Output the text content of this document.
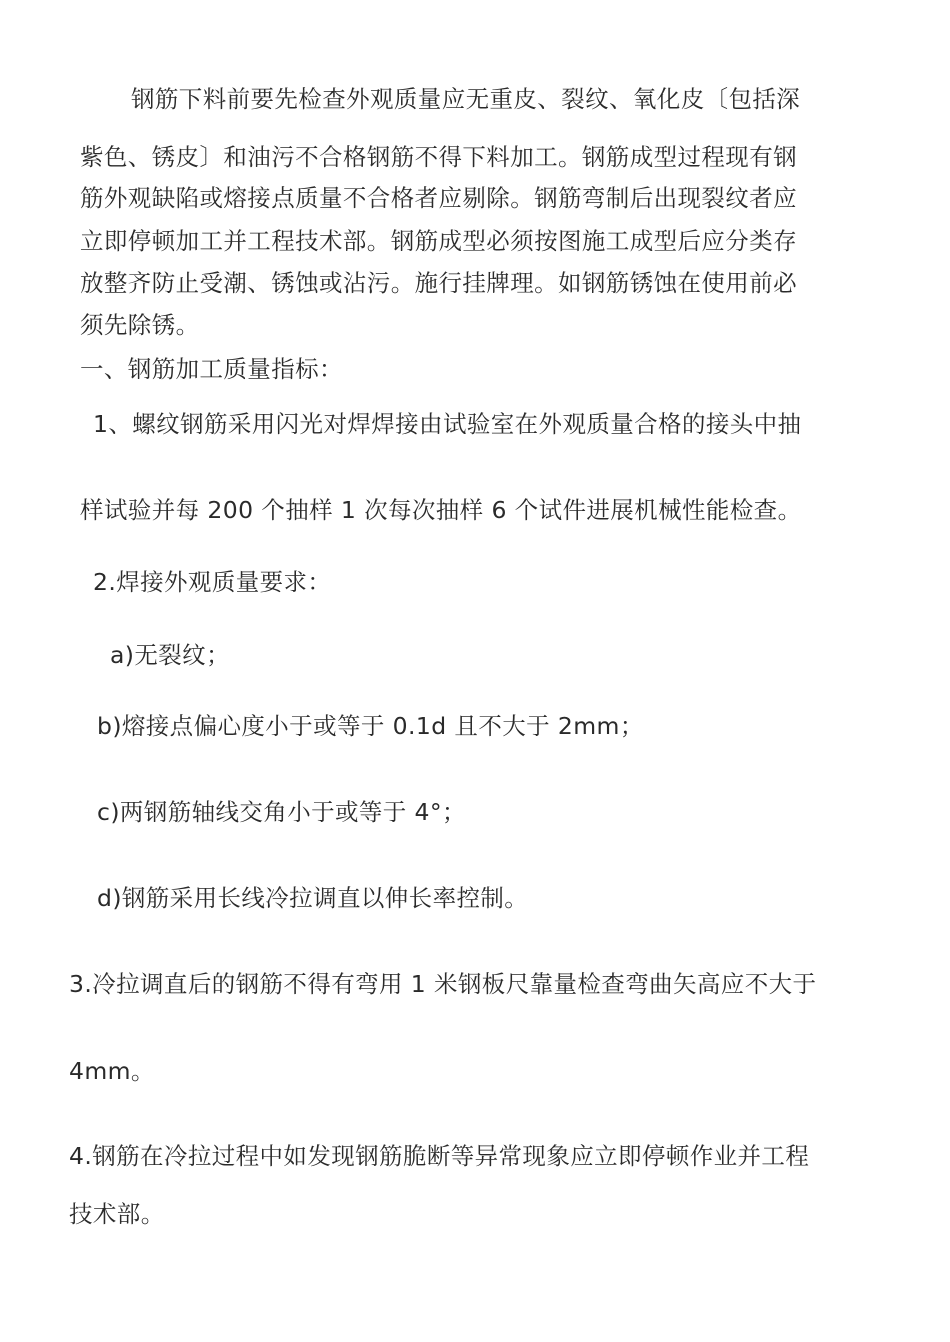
钢筋下料前要先检查外观质量应无重皮、裂纹、氧化皮〔包括深
紫色、锈皮〕和油污不合格钢筋不得下料加工。钢筋成型过程现有钢
筋外观缺陷或熔接点质量不合格者应剔除。钢筋弯制后出现裂纹者应
立即停顿加工并工程技术部。钢筋成型必须按图施工成型后应分类存
放整齐防止受潮、锈蚀或沾污。施行挂牌理。如钢筋锈蚀在使用前必
须先除锈。
一、钢筋加工质量指标：
1、螺纹钢筋采用闪光对焊焊接由试验室在外观质量合格的接头中抽
样试验并每 200 个抽样 1 次每次抽样 6 个试件进展机械性能检查。
2.焊接外观质量要求：
a)无裂纹；
b)熔接点偏心度小于或等于 0.1d 且不大于 2mm；
c)两钢筋轴线交角小于或等于 4°；
d)钢筋采用长线冷拉调直以伸长率控制。
3.冷拉调直后的钢筋不得有弯用 1 米钢板尺靠量检查弯曲矢高应不大于
4mm。
4.钢筋在冷拉过程中如发现钢筋脆断等异常现象应立即停顿作业并工程
技术部。
